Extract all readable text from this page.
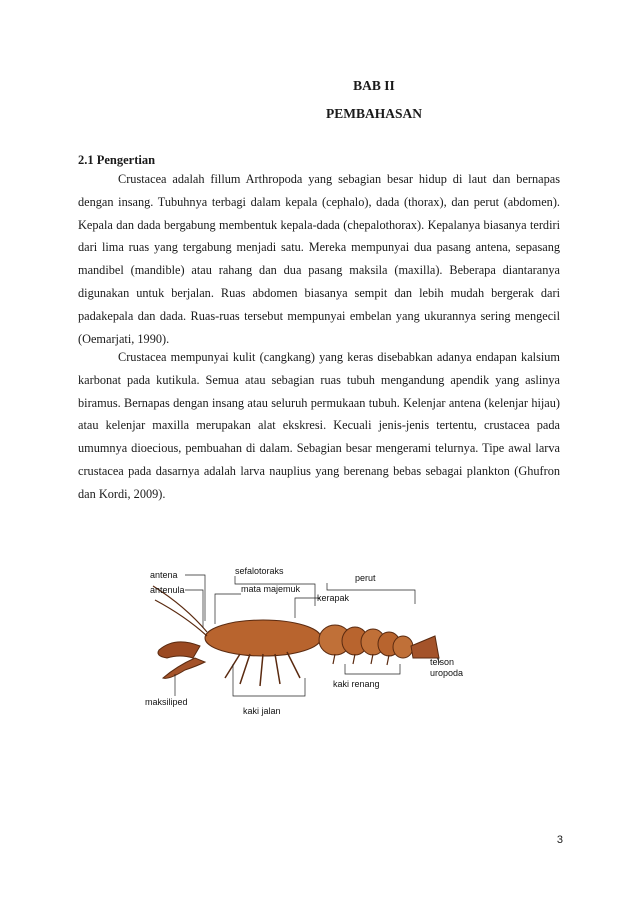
BAB II
PEMBAHASAN
2.1 Pengertian

Crustacea adalah fillum Arthropoda yang sebagian besar hidup di laut dan bernapas dengan insang. Tubuhnya terbagi dalam kepala (cephalo), dada (thorax), dan perut (abdomen). Kepala dan dada bergabung membentuk kepala-dada (chepalothorax). Kepalanya biasanya terdiri dari lima ruas yang tergabung menjadi satu. Mereka mempunyai dua pasang antena, sepasang mandibel (mandible) atau rahang dan dua pasang maksila (maxilla). Beberapa diantaranya digunakan untuk berjalan. Ruas abdomen biasanya sempit dan lebih mudah bergerak dari padakepala dan dada. Ruas-ruas tersebut mempunyai embelan yang ukurannya sering mengecil (Oemarjati, 1990).

Crustacea mempunyai kulit (cangkang) yang keras disebabkan adanya endapan kalsium karbonat pada kutikula. Semua atau sebagian ruas tubuh mengandung apendik yang aslinya biramus. Bernapas dengan insang atau seluruh permukaan tubuh. Kelenjar antena (kelenjar hijau) atau kelenjar maxilla merupakan alat ekskresi. Kecuali jenis-jenis tertentu, crustacea pada umumnya dioecious, pembuahan di dalam. Sebagian besar mengerami telurnya. Tipe awal larva crustacea pada dasarnya adalah larva nauplius yang berenang bebas sebagai plankton (Ghufron dan Kordi, 2009).

antena
antenula
sefalotoraks
mata majemuk
kerapak
perut
telson
uropoda
kaki renang
maksiliped
kaki jalan
3
